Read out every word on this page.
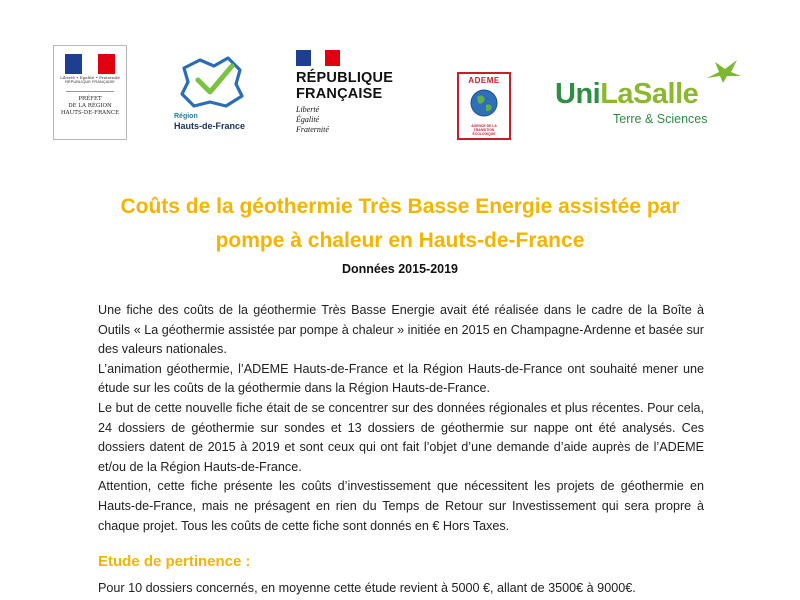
Liberté • Égalité • Fraternité
RÉPUBLIQUE FRANÇAISE
PRÉFET
DE LA RÉGION
HAUTS-DE-FRANCE
Région
Hauts-de-France
RÉPUBLIQUE
FRANÇAISE
Liberté
Égalité
Fraternité
ADEME
AGENCE DE LA
TRANSITION
ÉCOLOGIQUE
UniLaSalle
Terre & Sciences
Coûts de la géothermie Très Basse Energie assistée par
pompe à chaleur en Hauts-de-France
Données 2015-2019

Une fiche des coûts de la géothermie Très Basse Energie avait été réalisée dans le cadre de la Boîte à Outils « La géothermie assistée par pompe à chaleur » initiée en 2015 en Champagne-Ardenne et basée sur des valeurs nationales.

L’animation géothermie, l’ADEME Hauts-de-France et la Région Hauts-de-France ont souhaité mener une étude sur les coûts de la géothermie dans la Région Hauts-de-France.

Le but de cette nouvelle fiche était de se concentrer sur des données régionales et plus récentes. Pour cela, 24 dossiers de géothermie sur sondes et 13 dossiers de géothermie sur nappe ont été analysés. Ces dossiers datent de 2015 à 2019 et sont ceux qui ont fait l’objet d’une demande d’aide auprès de l’ADEME et/ou de la Région Hauts-de-France.

Attention, cette fiche présente les coûts d’investissement que nécessitent les projets de géothermie en Hauts-de-France, mais ne présagent en rien du Temps de Retour sur Investissement qui sera propre à chaque projet. Tous les coûts de cette fiche sont donnés en € Hors Taxes.

Etude de pertinence :

Pour 10 dossiers concernés, en moyenne cette étude revient à 5000 €, allant de 3500€ à 9000€.
